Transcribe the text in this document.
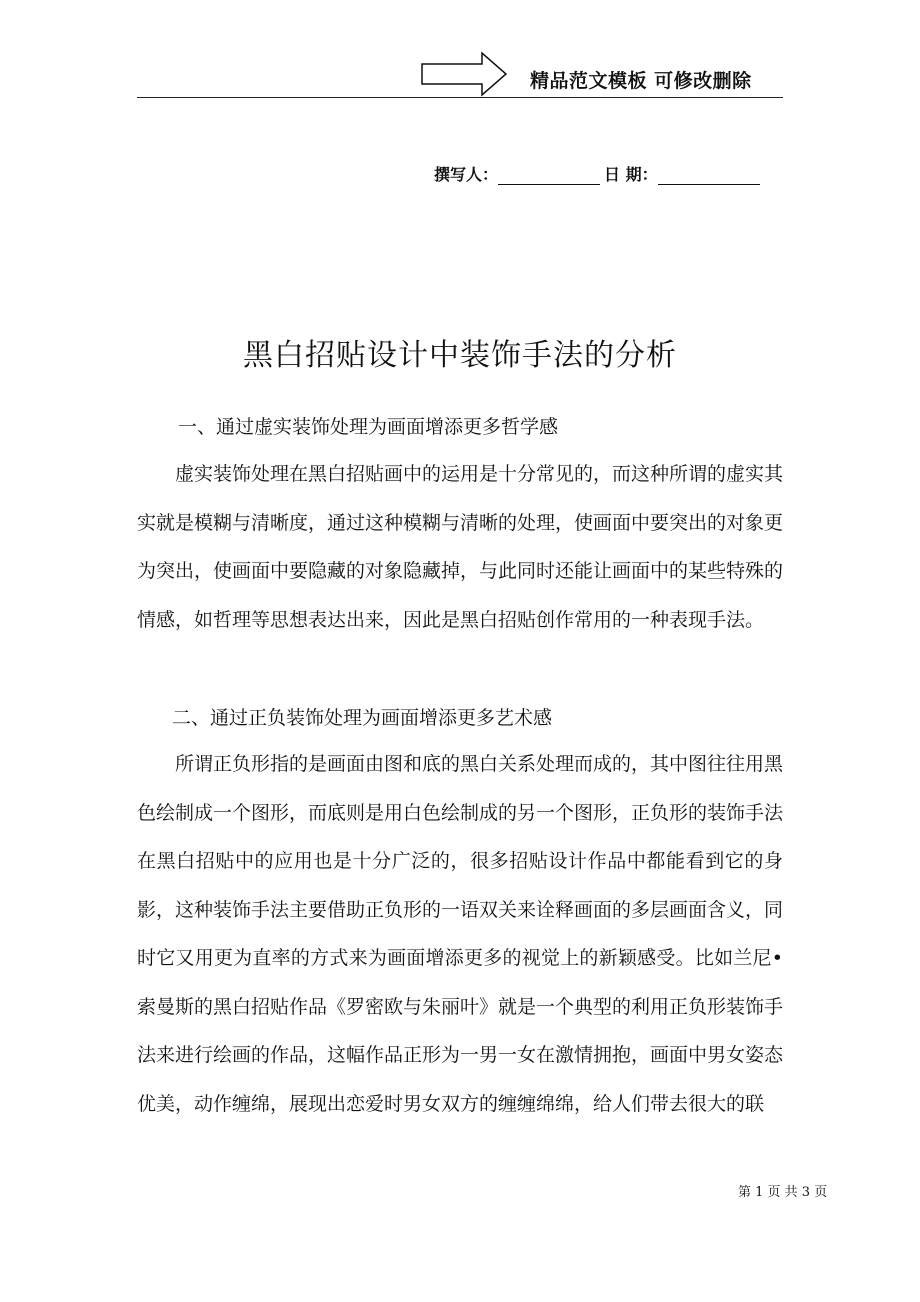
精品范文模板 可修改删除
撰写人：	日 期：
黑白招贴设计中装饰手法的分析
一、通过虚实装饰处理为画面增添更多哲学感

虚实装饰处理在黑白招贴画中的运用是十分常见的，而这种所谓的虚实其实就是模糊与清晰度，通过这种模糊与清晰的处理，使画面中要突出的对象更为突出，使画面中要隐藏的对象隐藏掉，与此同时还能让画面中的某些特殊的情感，如哲理等思想表达出来，因此是黑白招贴创作常用的一种表现手法。

二、通过正负装饰处理为画面增添更多艺术感

所谓正负形指的是画面由图和底的黑白关系处理而成的，其中图往往用黑色绘制成一个图形，而底则是用白色绘制成的另一个图形，正负形的装饰手法在黑白招贴中的应用也是十分广泛的，很多招贴设计作品中都能看到它的身影，这种装饰手法主要借助正负形的一语双关来诠释画面的多层画面含义，同时它又用更为直率的方式来为画面增添更多的视觉上的新颖感受。比如兰尼•索曼斯的黑白招贴作品《罗密欧与朱丽叶》就是一个典型的利用正负形装饰手法来进行绘画的作品，这幅作品正形为一男一女在激情拥抱，画面中男女姿态优美，动作缠绵，展现出恋爱时男女双方的缠缠绵绵，给人们带去很大的联

第 1 页 共 3 页
